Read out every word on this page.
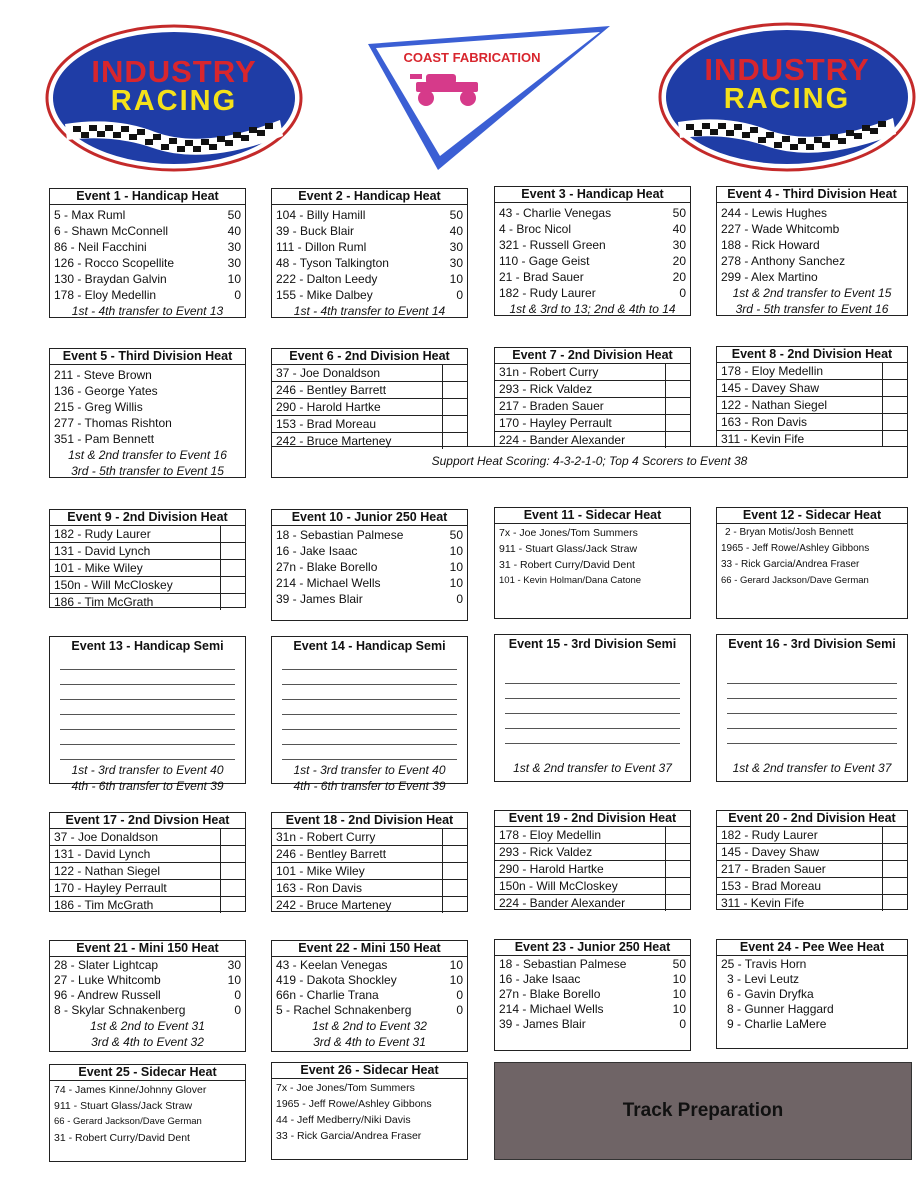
INDUSTRY
RACING
INDUSTRY
RACING
COAST FABRICATION
Event 1 - Handicap Heat
5 - Max Ruml	50
6 - Shawn McConnell	40
86 - Neil Facchini	30
126 - Rocco Scopellite	30
130 - Braydan Galvin	10
178 - Eloy Medellin	0
1st - 4th transfer to Event 13
Event 2 - Handicap Heat
104 - Billy Hamill	50
39 - Buck Blair	40
111 - Dillon Ruml	30
48 - Tyson Talkington	30
222 - Dalton Leedy	10
155 - Mike Dalbey	0
1st - 4th transfer to Event 14
Event 3 - Handicap Heat
43 - Charlie Venegas	50
4 - Broc Nicol	40
321 - Russell Green	30
110 - Gage Geist	20
21 - Brad Sauer	20
182 - Rudy Laurer	0
1st & 3rd to 13; 2nd & 4th to 14
Event 4 - Third Division Heat
244 - Lewis Hughes
227 - Wade Whitcomb
188 - Rick Howard
278 - Anthony Sanchez
299 - Alex Martino
1st & 2nd transfer to Event 15
3rd - 5th transfer to Event 16
Event 5 - Third Division Heat
211 - Steve Brown
136 - George Yates
215 - Greg Willis
277 - Thomas Rishton
351 - Pam Bennett
1st & 2nd transfer to Event 16
3rd - 5th transfer to Event 15
Support Heat Scoring: 4-3-2-1-0; Top 4 Scorers to Event 38
Event 6 - 2nd Division Heat
37 - Joe Donaldson
246 - Bentley Barrett
290 - Harold Hartke
153 - Brad Moreau
242 - Bruce Marteney
Event 7 - 2nd Division Heat
31n - Robert Curry
293 - Rick Valdez
217 - Braden Sauer
170 - Hayley Perrault
224 - Bander Alexander
Event 8 - 2nd Division Heat
178 - Eloy Medellin
145 - Davey Shaw
122 - Nathan Siegel
163 - Ron Davis
311 - Kevin Fife
Event 9 - 2nd Division Heat
182 - Rudy Laurer
131 - David Lynch
101 - Mike Wiley
150n - Will McCloskey
186 - Tim McGrath
Event 10 - Junior 250 Heat
18 - Sebastian Palmese	50
16 - Jake Isaac	10
27n - Blake Borello	10
214 - Michael Wells	10
39 - James Blair	0
Event 11 - Sidecar Heat
7x - Joe Jones/Tom Summers
911 - Stuart Glass/Jack Straw
31 - Robert Curry/David Dent
101 - Kevin Holman/Dana Catone
Event 12 - Sidecar Heat
2 - Bryan Motis/Josh Bennett
1965 - Jeff Rowe/Ashley Gibbons
33 - Rick Garcia/Andrea Fraser
66 - Gerard Jackson/Dave German
Event 13 - Handicap Semi
1st - 3rd transfer to Event 40
4th - 6th transfer to Event 39
Event 14 - Handicap Semi
1st - 3rd transfer to Event 40
4th - 6th transfer to Event 39
Event 15 - 3rd Division Semi
1st & 2nd transfer to Event 37
Event 16 - 3rd Division Semi
1st & 2nd transfer to Event 37
Event 17 - 2nd Divsion Heat
37 - Joe Donaldson
131 - David Lynch
122 - Nathan Siegel
170 - Hayley Perrault
186 - Tim McGrath
Event 18 - 2nd Division Heat
31n - Robert Curry
246 - Bentley Barrett
101 - Mike Wiley
163 - Ron Davis
242 - Bruce Marteney
Event 19 - 2nd Division Heat
178 - Eloy Medellin
293 - Rick Valdez
290 - Harold Hartke
150n - Will McCloskey
224 - Bander Alexander
Event 20 - 2nd Division Heat
182 - Rudy Laurer
145 - Davey Shaw
217 - Braden Sauer
153 - Brad Moreau
311 - Kevin Fife
Event 21 - Mini 150 Heat
28 - Slater Lightcap	30
27 - Luke Whitcomb	10
96 - Andrew Russell	0
8 - Skylar Schnakenberg	0
1st & 2nd to Event 31
3rd & 4th to Event 32
Event 22 - Mini 150 Heat
43 - Keelan Venegas	10
419 - Dakota Shockley	10
66n - Charlie Trana	0
5 - Rachel Schnakenberg	0
1st & 2nd to Event 32
3rd & 4th to Event 31
Event 23 - Junior 250 Heat
18 - Sebastian Palmese	50
16 - Jake Isaac	10
27n - Blake Borello	10
214 - Michael Wells	10
39 - James Blair	0
Event 24 - Pee Wee Heat
25 - Travis Horn
3 - Levi Leutz
6 - Gavin Dryfka
8 - Gunner Haggard
9 - Charlie LaMere
Event 25 - Sidecar Heat
74 - James Kinne/Johnny Glover
911 - Stuart Glass/Jack Straw
66 - Gerard Jackson/Dave German
31 - Robert Curry/David Dent
Event 26 - Sidecar Heat
7x - Joe Jones/Tom Summers
1965 - Jeff Rowe/Ashley Gibbons
44 - Jeff Medberry/Niki Davis
33 - Rick Garcia/Andrea Fraser
Track Preparation
